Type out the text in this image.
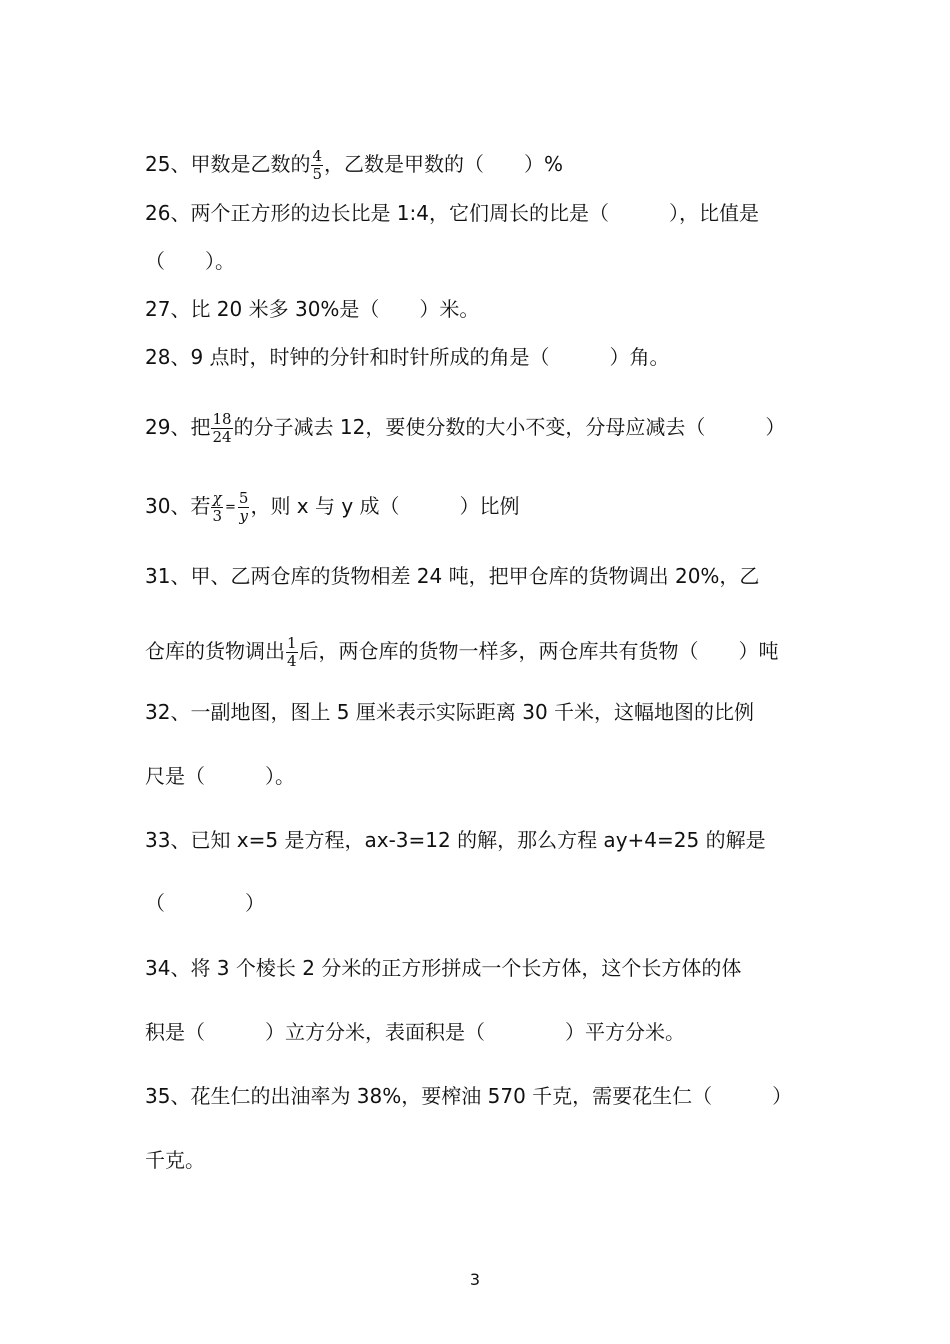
25、甲数是乙数的 $\frac{4}{5}$ ，乙数是甲数的（　　）%
26、两个正方形的边长比是 1:4，它们周长的比是（　　　），比值是
（　　）。
27、比 20 米多 30%是（　　）米。
28、9 点时，时钟的分针和时针所成的角是（　　　）角。
29、把 $\frac{18}{24}$ 的分子减去 12，要使分数的大小不变，分母应减去（　　　）
30、若 $\frac{\chi}{3} = \frac{5}{y}$ ，则 x 与 y 成（　　　）比例
31、甲、乙两仓库的货物相差 24 吨，把甲仓库的货物调出 20%，乙
仓库的货物调出 $\frac{1}{4}$ 后，两仓库的货物一样多，两仓库共有货物（　　）吨
32、一副地图，图上 5 厘米表示实际距离 30 千米，这幅地图的比例
尺是（　　　）。
33、已知 x=5 是方程，ax-3=12 的解，那么方程 ay+4=25 的解是
（　　　　）
34、将 3 个棱长 2 分米的正方形拼成一个长方体，这个长方体的体
积是（　　　）立方分米，表面积是（　　　　）平方分米。
35、花生仁的出油率为 38%，要榨油 570 千克，需要花生仁（　　　）
千克。
3
